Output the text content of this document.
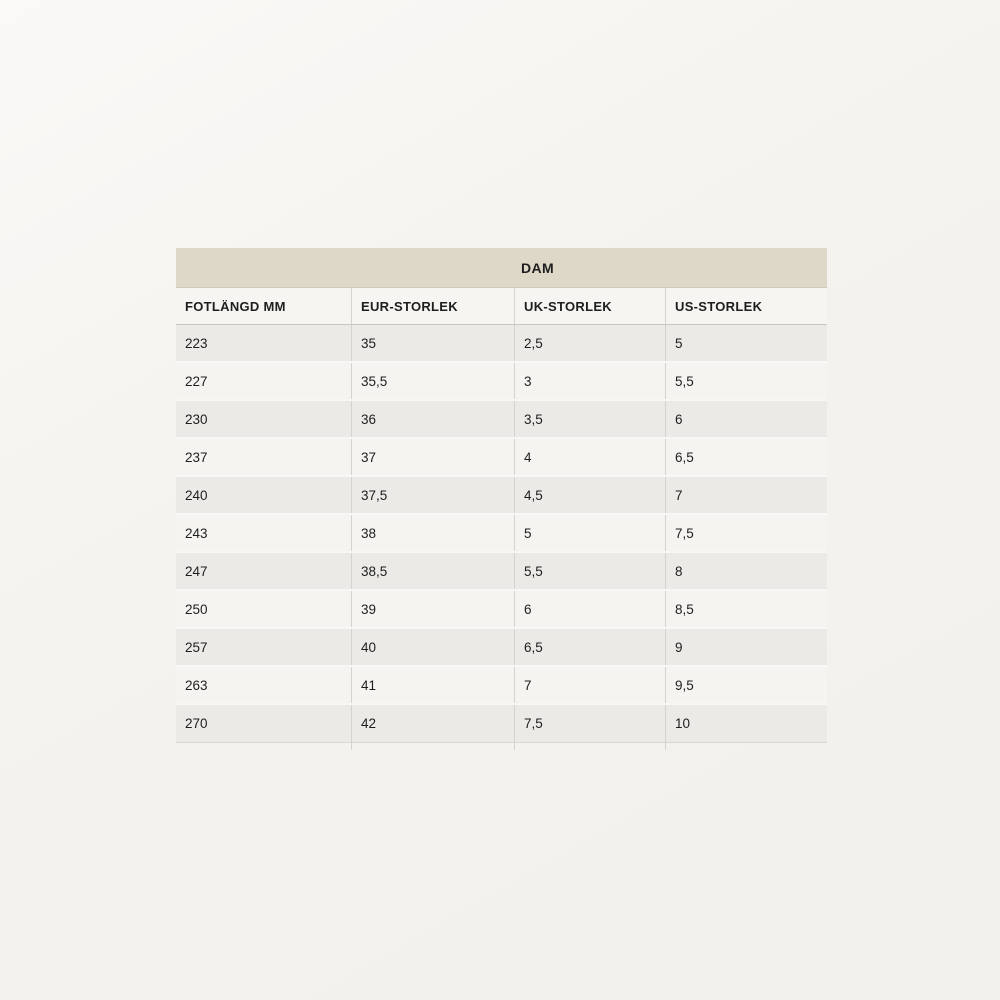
DAM
FOTLÄNGD MM	EUR-STORLEK	UK-STORLEK	US-STORLEK
223	35	2,5	5
227	35,5	3	5,5
230	36	3,5	6
237	37	4	6,5
240	37,5	4,5	7
243	38	5	7,5
247	38,5	5,5	8
250	39	6	8,5
257	40	6,5	9
263	41	7	9,5
270	42	7,5	10
